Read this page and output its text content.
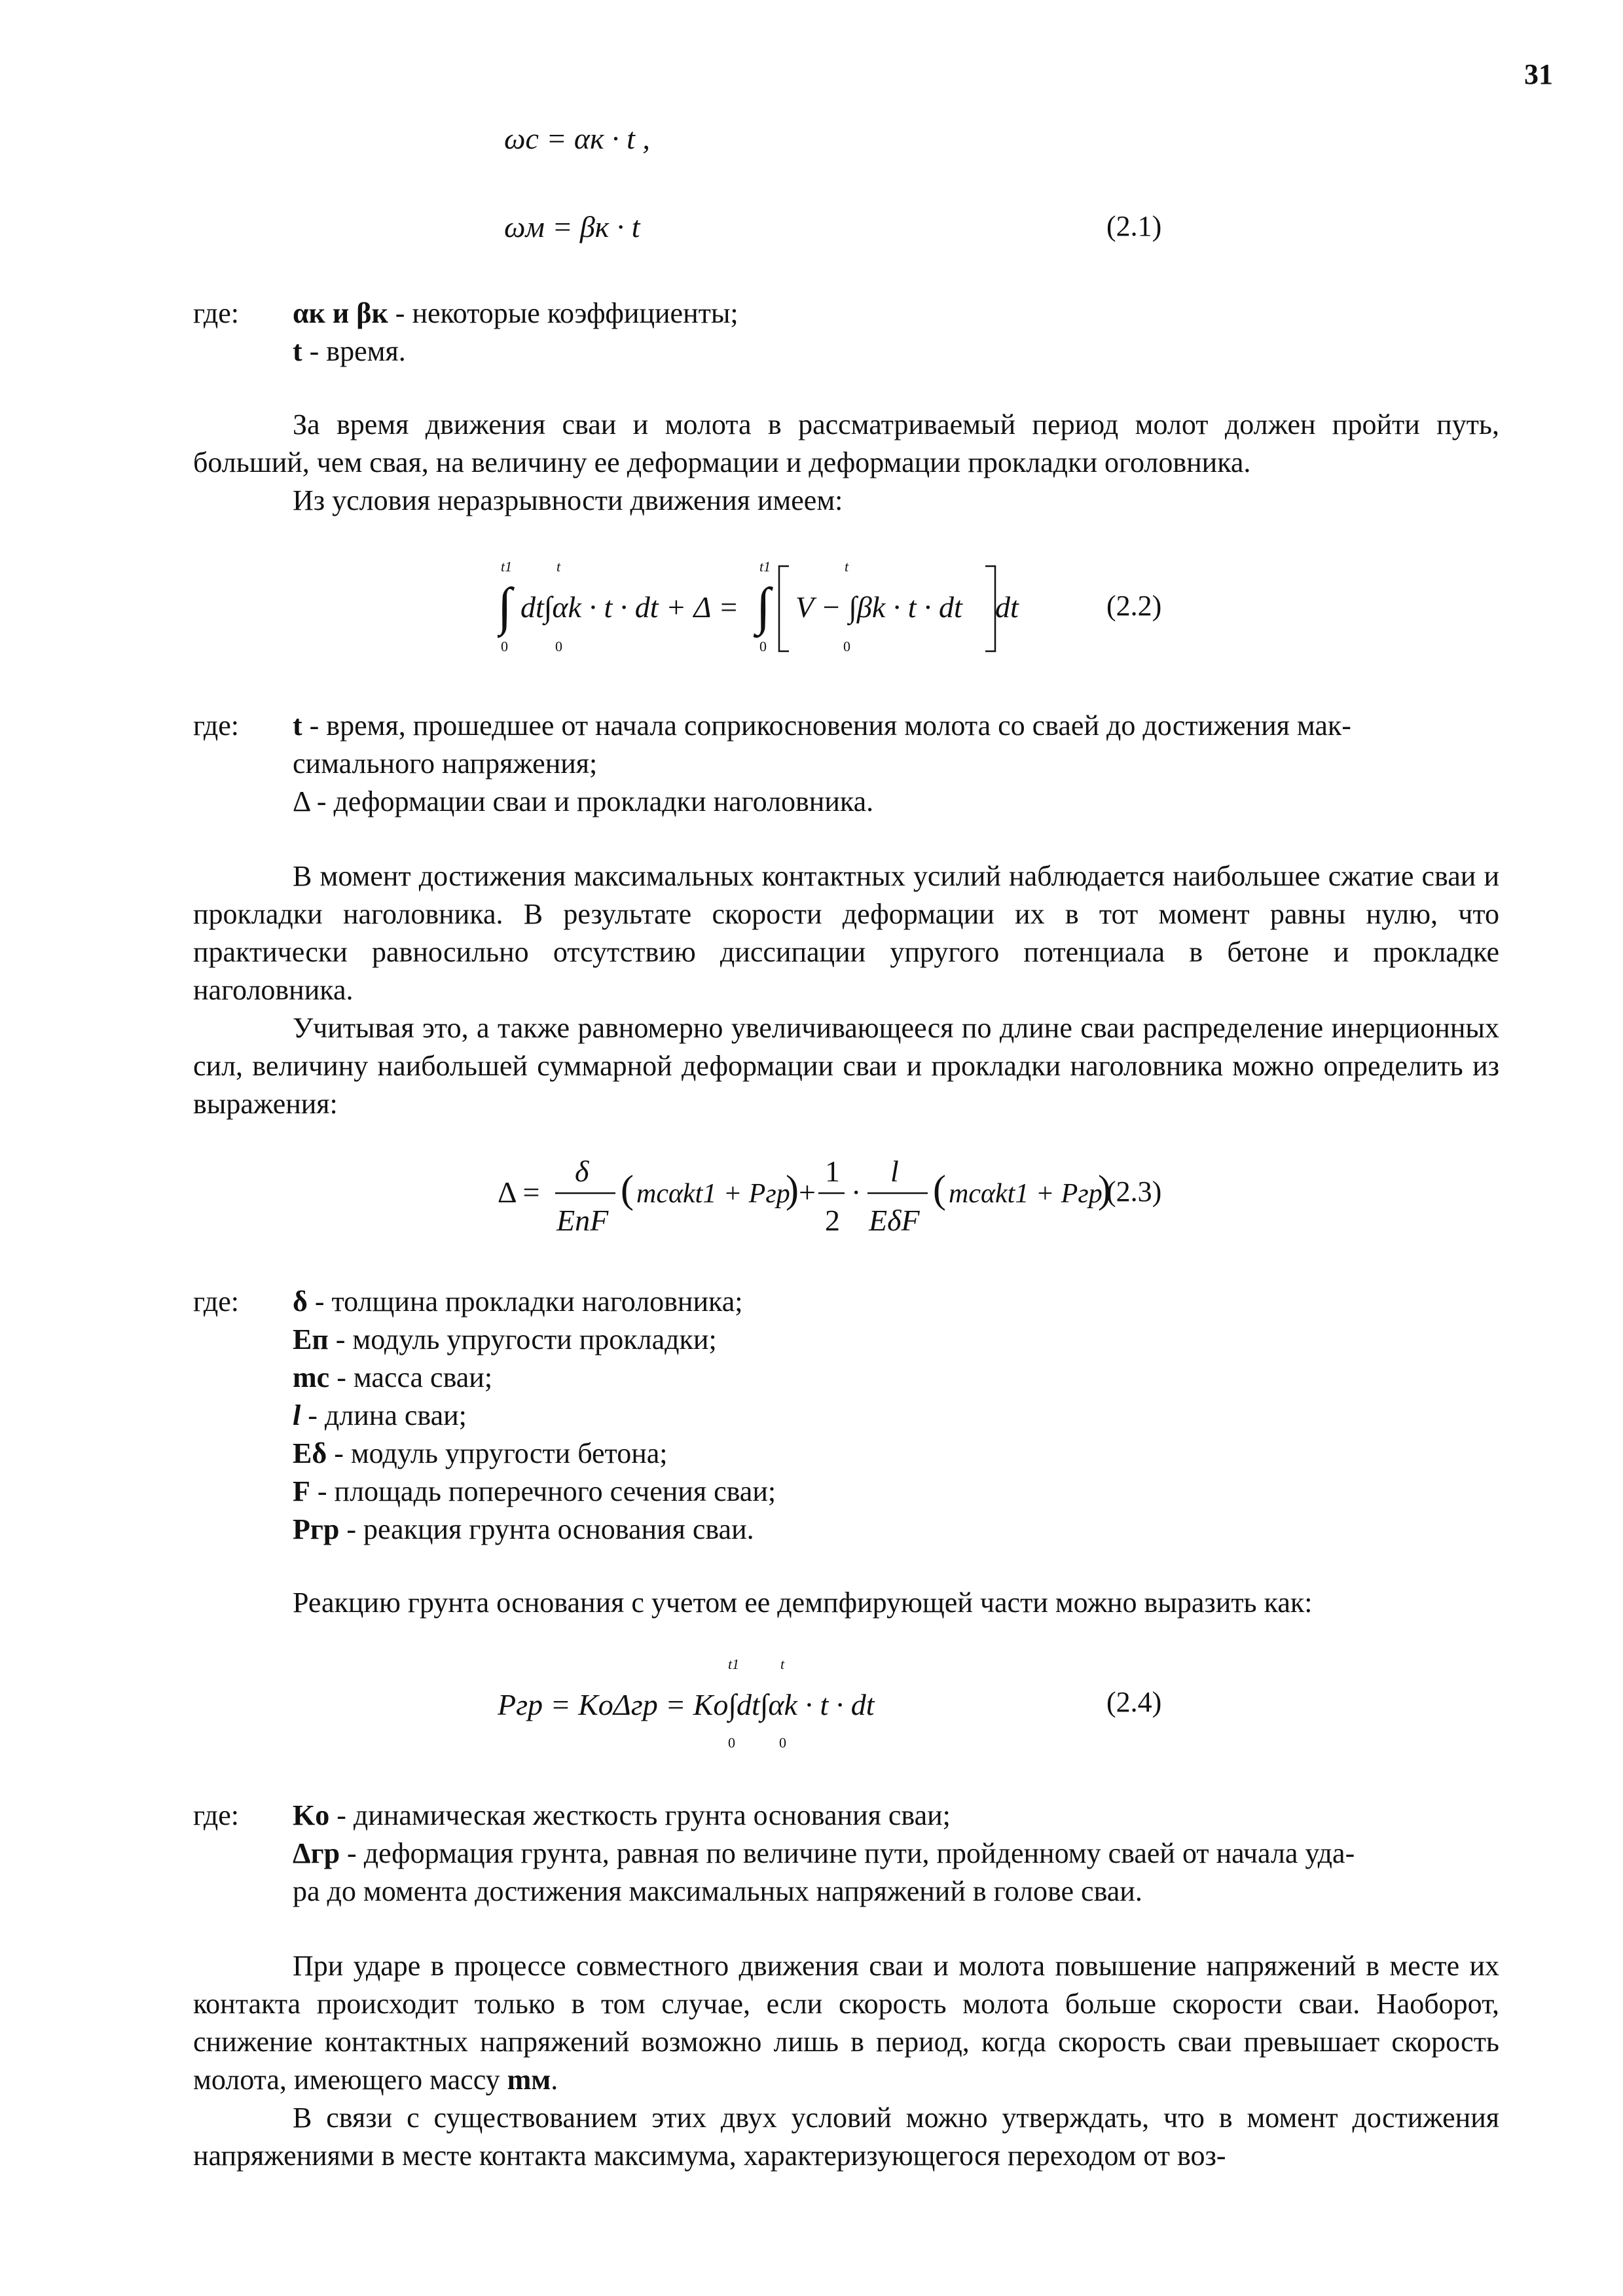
31
ωс = αк · t ,
ωм = βк · t	(2.1)
где: αк и βк - некоторые коэффициенты;
t - время.
За время движения сваи и молота в рассматриваемый период молот должен пройти путь, больший, чем свая, на величину ее деформации и деформации прокладки оголовника.
Из условия неразрывности движения имеем:
t1
0
∫
t
0
dt∫αk · t · dt + Δ =
t1
0
∫
t
0
V − ∫βk · t · dt dt	(2.2)
где: t - время, прошедшее от начала соприкосновения молота со сваей до достижения мак-
симального напряжения;
Δ - деформации сваи и прокладки наголовника.
В момент достижения максимальных контактных усилий наблюдается наибольшее сжатие сваи и прокладки наголовника. В результате скорости деформации их в тот момент равны нулю, что практически равносильно отсутствию диссипации упругого потенциала в бетоне и прокладке наголовника.
Учитывая это, а также равномерно увеличивающееся по длине сваи распределение инерционных сил, величину наибольшей суммарной деформации сваи и прокладки наголовника можно определить из выражения:
Δ =
δ
EnF
( mcαkt1 + Pгр
) +
1
2
·
l
EδF
( mcαkt1 + Pгр
)
(2.3)
где: δ - толщина прокладки наголовника;
Eп - модуль упругости прокладки;
mс - масса сваи;
l - длина сваи;
Eδ - модуль упругости бетона;
F - площадь поперечного сечения сваи;
Pгр - реакция грунта основания сваи.
Реакцию грунта основания с учетом ее демпфирующей части можно выразить как:
Pгр = KoΔгр = Ko∫dt∫αk · t · dt
t1
0
t
0
(2.4)
где: Ko - динамическая жесткость грунта основания сваи;
Δгр - деформация грунта, равная по величине пути, пройденному сваей от начала уда-
ра до момента достижения максимальных напряжений в голове сваи.
При ударе в процессе совместного движения сваи и молота повышение напряжений в месте их контакта происходит только в том случае, если скорость молота больше скорости сваи. Наоборот, снижение контактных напряжений возможно лишь в период, когда скорость сваи превышает скорость молота, имеющего массу mм.
В связи с существованием этих двух условий можно утверждать, что в момент достижения напряжениями в месте контакта максимума, характеризующегося переходом от воз-
